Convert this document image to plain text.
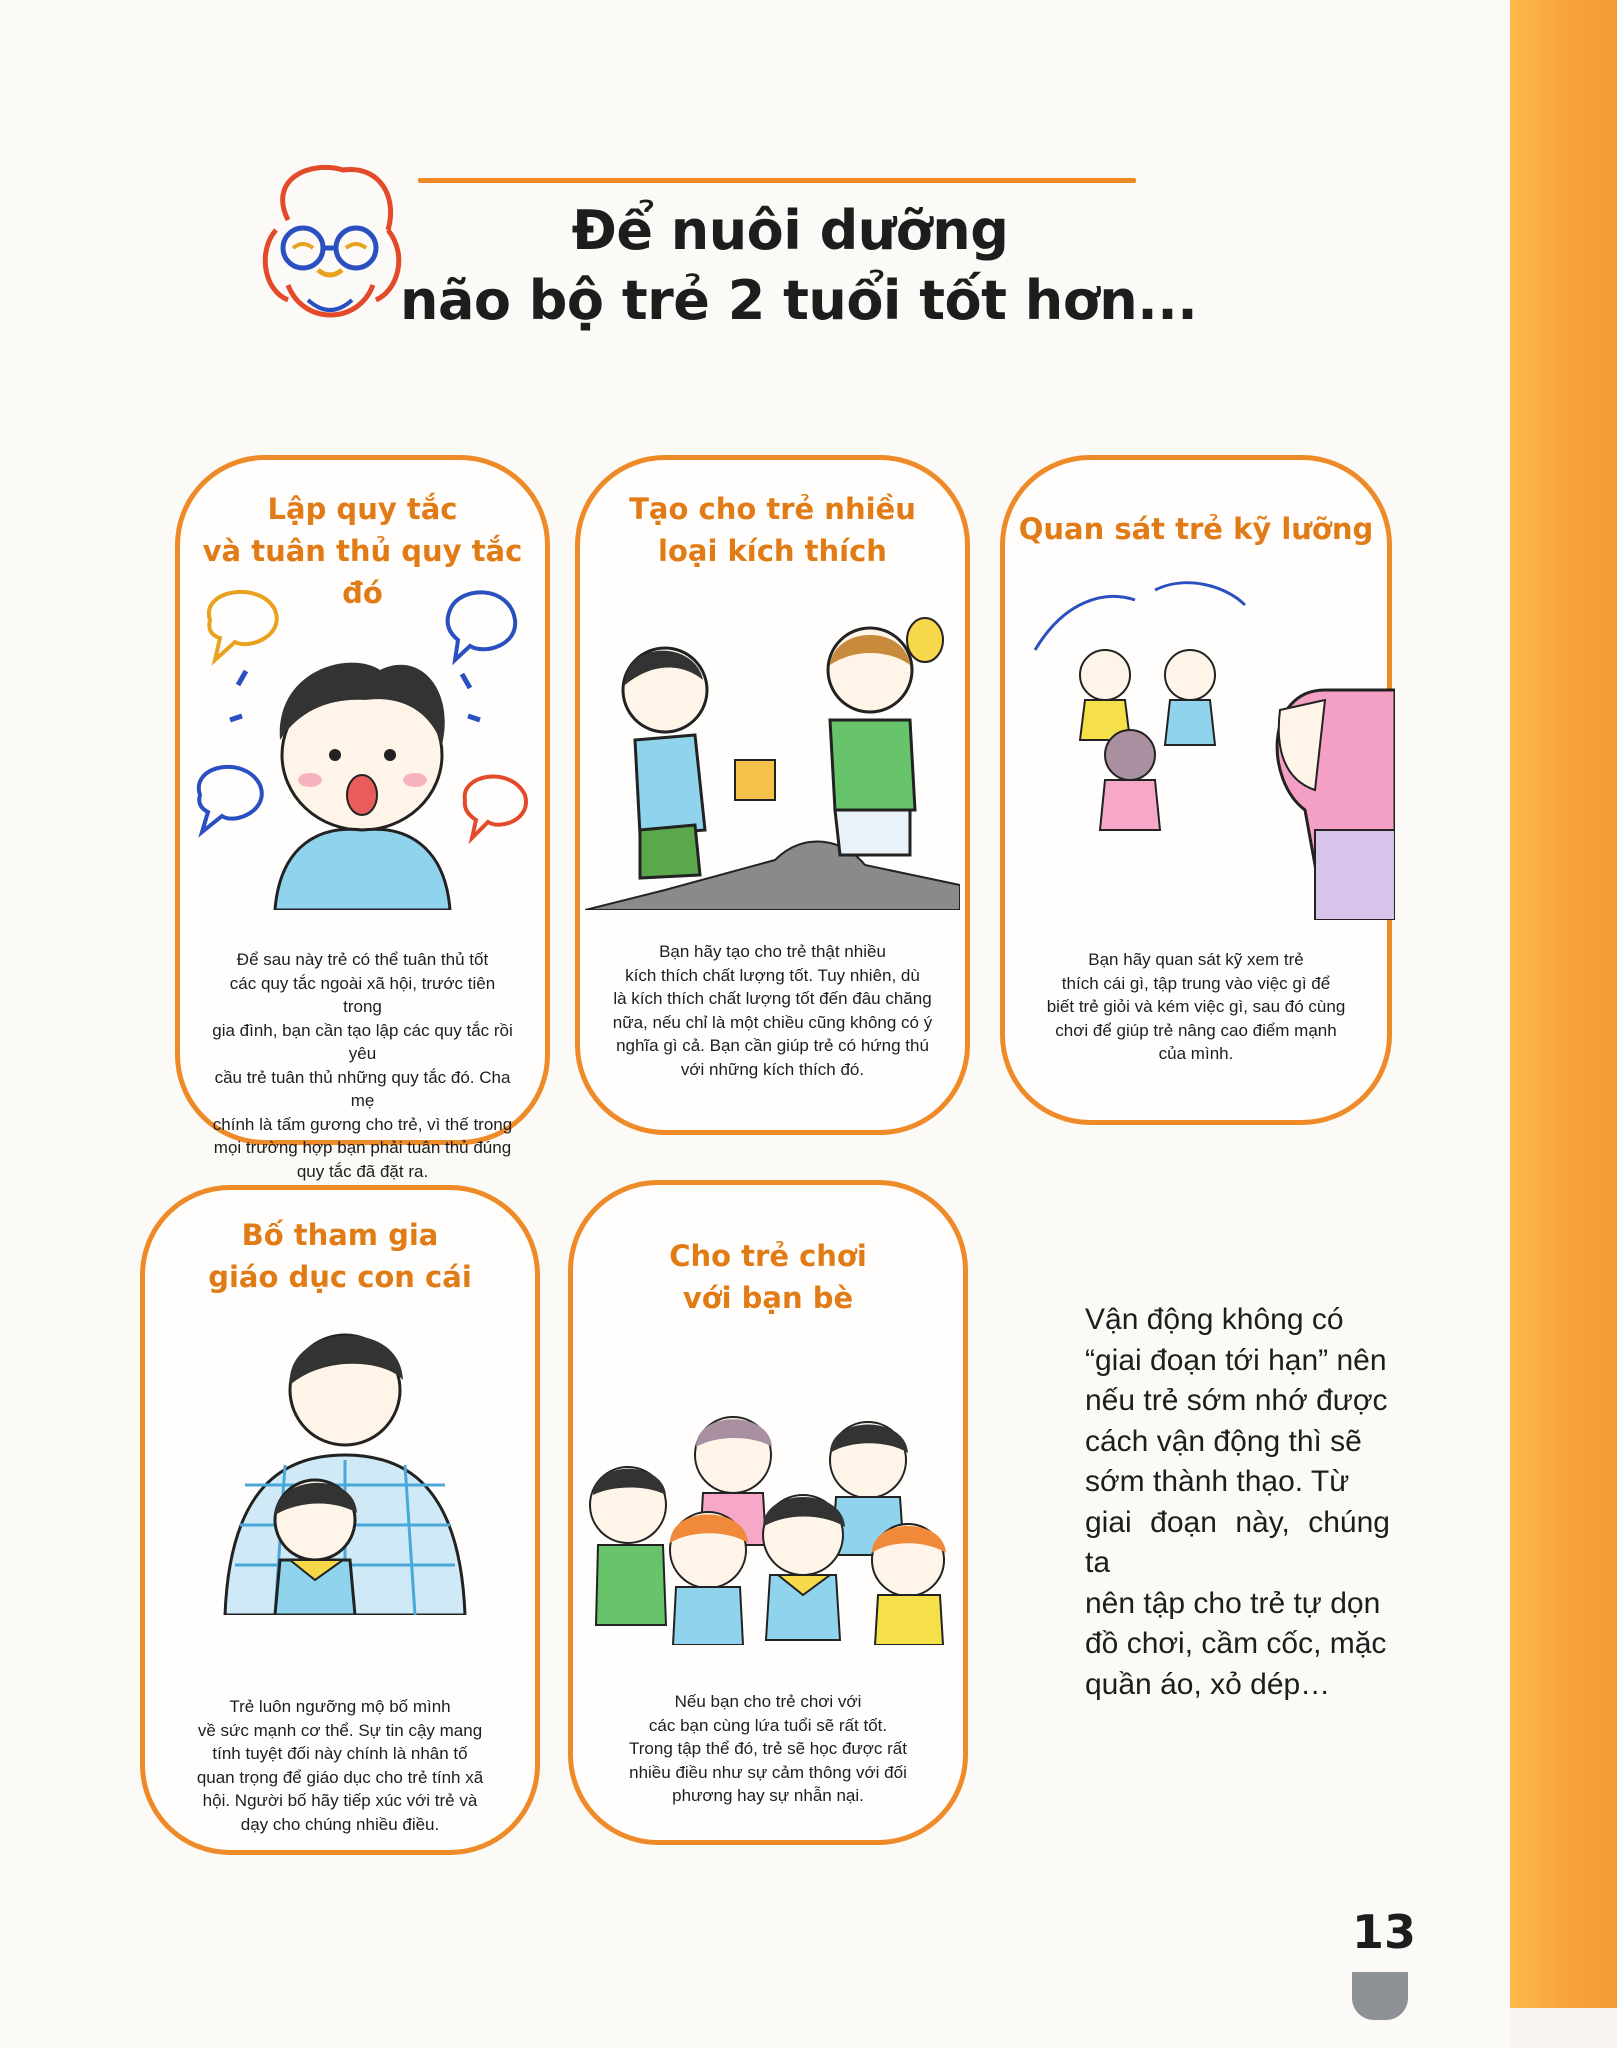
Để nuôi dưỡng
não bộ trẻ 2 tuổi tốt hơn...
Lập quy tắc
và tuân thủ quy tắc đó
Để sau này trẻ có thể tuân thủ tốt
các quy tắc ngoài xã hội, trước tiên trong
gia đình, bạn cần tạo lập các quy tắc rồi yêu
cầu trẻ tuân thủ những quy tắc đó. Cha mẹ
chính là tấm gương cho trẻ, vì thế trong
mọi trường hợp bạn phải tuân thủ đúng
quy tắc đã đặt ra.
Tạo cho trẻ nhiều
loại kích thích
Bạn hãy tạo cho trẻ thật nhiều
kích thích chất lượng tốt. Tuy nhiên, dù
là kích thích chất lượng tốt đến đâu chăng
nữa, nếu chỉ là một chiều cũng không có ý
nghĩa gì cả. Bạn cần giúp trẻ có hứng thú
với những kích thích đó.
Quan sát trẻ kỹ lưỡng
Bạn hãy quan sát kỹ xem trẻ
thích cái gì, tập trung vào việc gì để
biết trẻ giỏi và kém việc gì, sau đó cùng
chơi để giúp trẻ nâng cao điểm mạnh
của mình.
Bố tham gia
giáo dục con cái
Trẻ luôn ngưỡng mộ bố mình
về sức mạnh cơ thể. Sự tin cậy mang
tính tuyệt đối này chính là nhân tố
quan trọng để giáo dục cho trẻ tính xã
hội. Người bố hãy tiếp xúc với trẻ và
dạy cho chúng nhiều điều.
Cho trẻ chơi
với bạn bè
Nếu bạn cho trẻ chơi với
các bạn cùng lứa tuổi sẽ rất tốt.
Trong tập thể đó, trẻ sẽ học được rất
nhiều điều như sự cảm thông với đối
phương hay sự nhẫn nại.
Vận động không có
“giai đoạn tới hạn” nên
nếu trẻ sớm nhớ được
cách vận động thì sẽ
sớm thành thạo. Từ
giai đoạn này, chúng ta
nên tập cho trẻ tự dọn
đồ chơi, cầm cốc, mặc
quần áo, xỏ dép…
13
